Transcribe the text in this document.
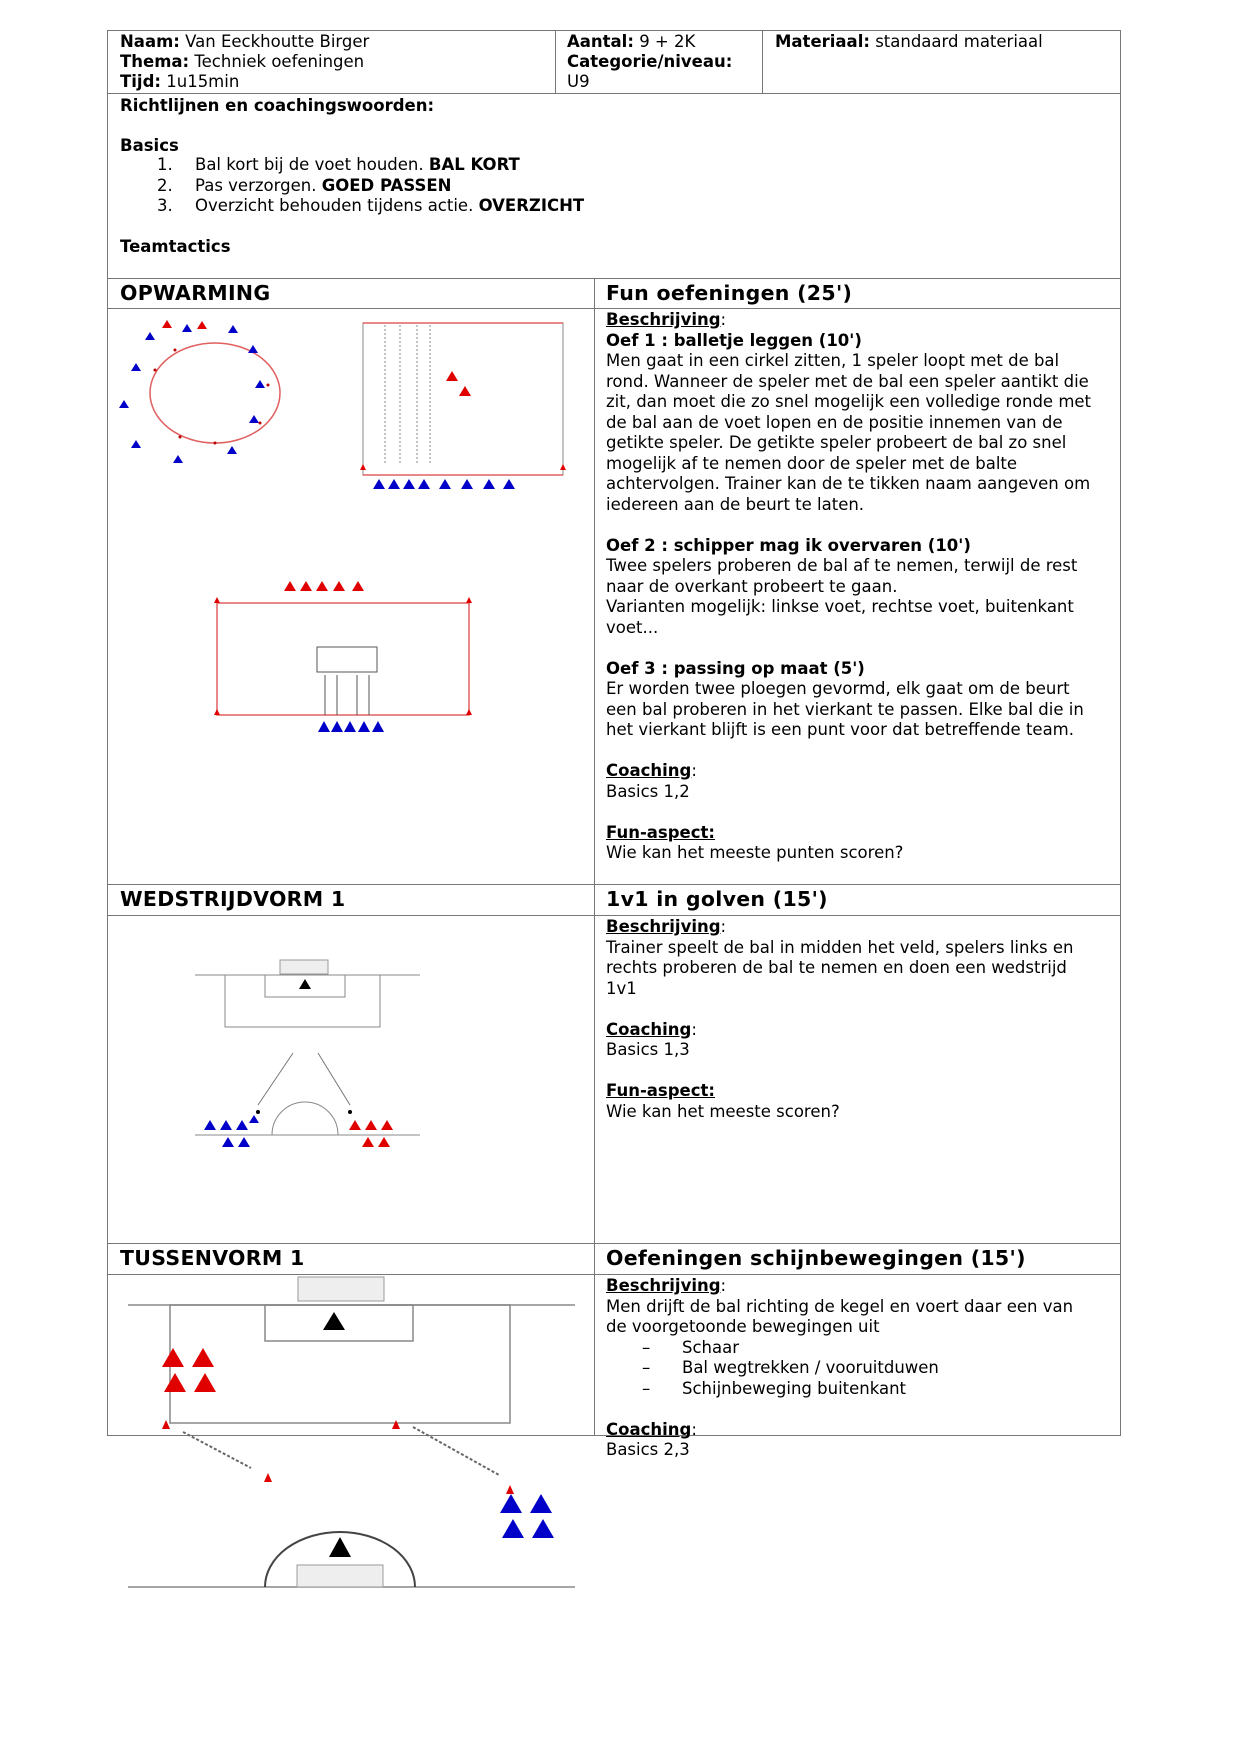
Naam: Van Eeckhoutte Birger
Thema: Techniek oefeningen
Tijd: 1u15min
Aantal: 9 + 2K
Categorie/niveau:
U9
Materiaal: standaard materiaal
Richtlijnen en coachingswoorden:
Basics
1. Bal kort bij de voet houden. BAL KORT
2. Pas verzorgen. GOED PASSEN
3. Overzicht behouden tijdens actie. OVERZICHT
Teamtactics
OPWARMING	Fun oefeningen (25')
Beschrijving:
Oef 1 : balletje leggen (10')
Men gaat in een cirkel zitten, 1 speler loopt met de bal
rond. Wanneer de speler met de bal een speler aantikt die
zit, dan moet die zo snel mogelijk een volledige ronde met
de bal aan de voet lopen en de positie innemen van de
getikte speler. De getikte speler probeert de bal zo snel
mogelijk af te nemen door de speler met de balte
achtervolgen. Trainer kan de te tikken naam aangeven om
iedereen aan de beurt te laten.
Oef 2 : schipper mag ik overvaren (10')
Twee spelers proberen de bal af te nemen, terwijl de rest
naar de overkant probeert te gaan.
Varianten mogelijk: linkse voet, rechtse voet, buitenkant
voet...
Oef 3 : passing op maat (5')
Er worden twee ploegen gevormd, elk gaat om de beurt
een bal proberen in het vierkant te passen. Elke bal die in
het vierkant blijft is een punt voor dat betreffende team.
Coaching:
Basics 1,2
Fun-aspect:
Wie kan het meeste punten scoren?
WEDSTRIJDVORM 1	1v1 in golven (15')
Beschrijving:
Trainer speelt de bal in midden het veld, spelers links en
rechts proberen de bal te nemen en doen een wedstrijd
1v1
Coaching:
Basics 1,3
Fun-aspect:
Wie kan het meeste scoren?
TUSSENVORM 1	Oefeningen schijnbewegingen (15')
Beschrijving:
Men drijft de bal richting de kegel en voert daar een van
de voorgetoonde bewegingen uit
– Schaar
– Bal wegtrekken / vooruitduwen
– Schijnbeweging buitenkant
Coaching:
Basics 2,3
